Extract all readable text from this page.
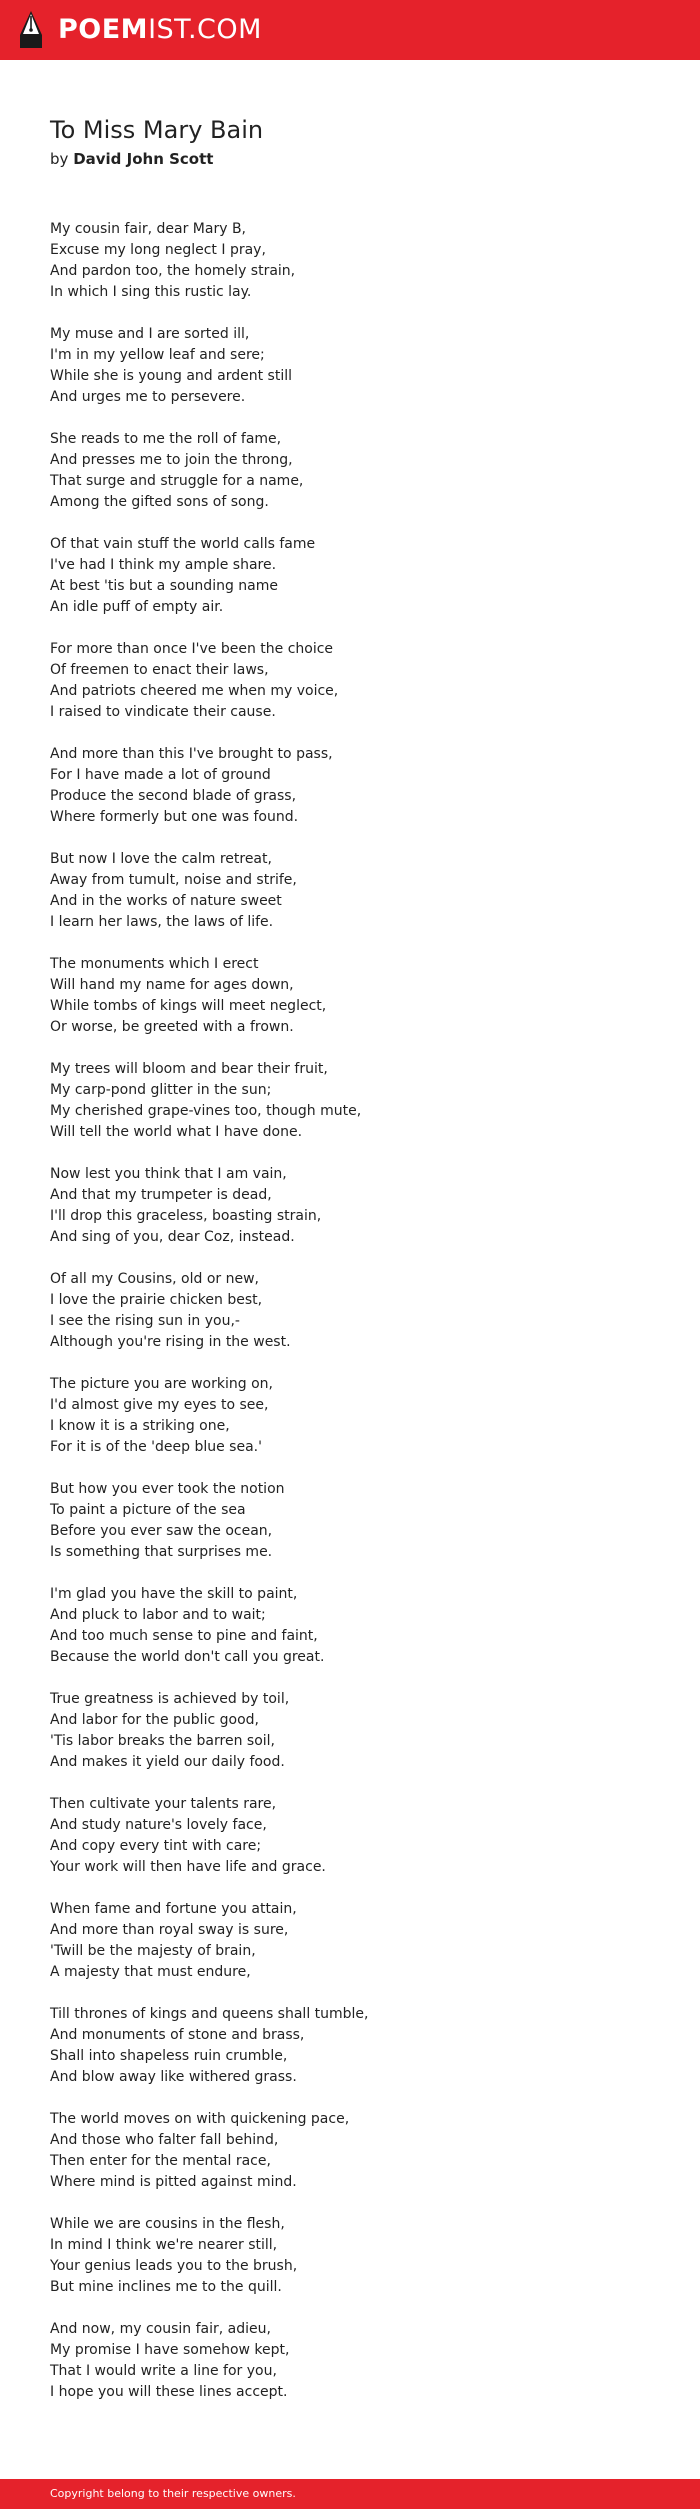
POEMIST.COM
To Miss Mary Bain
by David John Scott
My cousin fair, dear Mary B,
Excuse my long neglect I pray,
And pardon too, the homely strain,
In which I sing this rustic lay.
My muse and I are sorted ill,
I'm in my yellow leaf and sere;
While she is young and ardent still
And urges me to persevere.
She reads to me the roll of fame,
And presses me to join the throng,
That surge and struggle for a name,
Among the gifted sons of song.
Of that vain stuff the world calls fame
I've had I think my ample share.
At best 'tis but a sounding name
An idle puff of empty air.
For more than once I've been the choice
Of freemen to enact their laws,
And patriots cheered me when my voice,
I raised to vindicate their cause.
And more than this I've brought to pass,
For I have made a lot of ground
Produce the second blade of grass,
Where formerly but one was found.
But now I love the calm retreat,
Away from tumult, noise and strife,
And in the works of nature sweet
I learn her laws, the laws of life.
The monuments which I erect
Will hand my name for ages down,
While tombs of kings will meet neglect,
Or worse, be greeted with a frown.
My trees will bloom and bear their fruit,
My carp-pond glitter in the sun;
My cherished grape-vines too, though mute,
Will tell the world what I have done.
Now lest you think that I am vain,
And that my trumpeter is dead,
I'll drop this graceless, boasting strain,
And sing of you, dear Coz, instead.
Of all my Cousins, old or new,
I love the prairie chicken best,
I see the rising sun in you,-
Although you're rising in the west.
The picture you are working on,
I'd almost give my eyes to see,
I know it is a striking one,
For it is of the 'deep blue sea.'
But how you ever took the notion
To paint a picture of the sea
Before you ever saw the ocean,
Is something that surprises me.
I'm glad you have the skill to paint,
And pluck to labor and to wait;
And too much sense to pine and faint,
Because the world don't call you great.
True greatness is achieved by toil,
And labor for the public good,
'Tis labor breaks the barren soil,
And makes it yield our daily food.
Then cultivate your talents rare,
And study nature's lovely face,
And copy every tint with care;
Your work will then have life and grace.
When fame and fortune you attain,
And more than royal sway is sure,
'Twill be the majesty of brain,
A majesty that must endure,
Till thrones of kings and queens shall tumble,
And monuments of stone and brass,
Shall into shapeless ruin crumble,
And blow away like withered grass.
The world moves on with quickening pace,
And those who falter fall behind,
Then enter for the mental race,
Where mind is pitted against mind.
While we are cousins in the flesh,
In mind I think we're nearer still,
Your genius leads you to the brush,
But mine inclines me to the quill.
And now, my cousin fair, adieu,
My promise I have somehow kept,
That I would write a line for you,
I hope you will these lines accept.
Copyright belong to their respective owners.
